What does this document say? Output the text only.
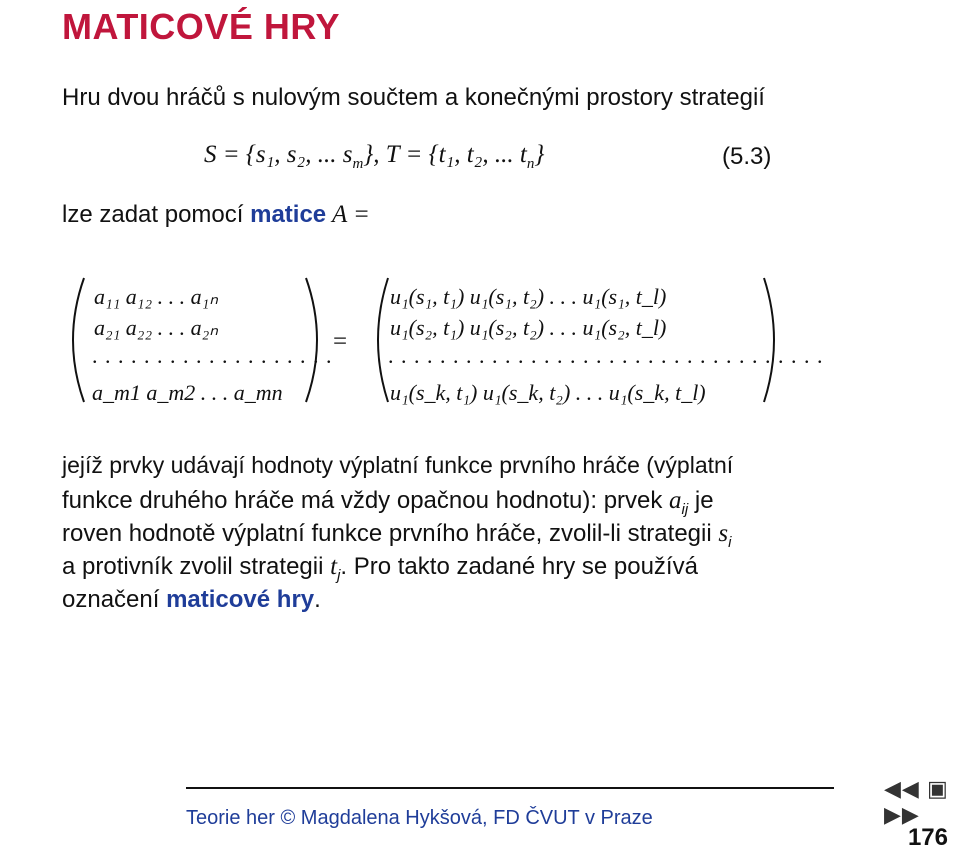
MATICOVÉ HRY
Hru dvou hráčů s nulovým součtem a konečnými prostory strategií
S = {s₁, s₂, ... $s_m$}, T = {t₁, t₂, ... $t_n$}	(5.3)
lze zadat pomocí matice A =
a₁₁ a₁₂ . . . a₁ₙ
a₂₁ a₂₂ . . . a₂ₙ
. . . . . . . . . . . . . . . . . . .
a_m1 a_m2 . . . a_mn
=
u₁(s₁, t₁) u₁(s₁, t₂) . . . u₁(s₁, t_l)
u₁(s₂, t₁) u₁(s₂, t₂) . . . u₁(s₂, t_l)
. . . . . . . . . . . . . . . . . . . . . . . . . . . . . . . . . .
u₁(s_k, t₁) u₁(s_k, t₂) . . . u₁(s_k, t_l)
jejíž prvky udávají hodnoty výplatní funkce prvního hráče (výplatní
funkce druhého hráče má vždy opačnou hodnotu): prvek $a_{ij}$ je
roven hodnotě výplatní funkce prvního hráče, zvolil-li strategii $s_i$
a protivník zvolil strategii $t_j$. Pro takto zadané hry se používá
označení maticové hry.
◀◀ ▣ ▶▶
Teorie her © Magdalena Hykšová, FD ČVUT v Praze
176
